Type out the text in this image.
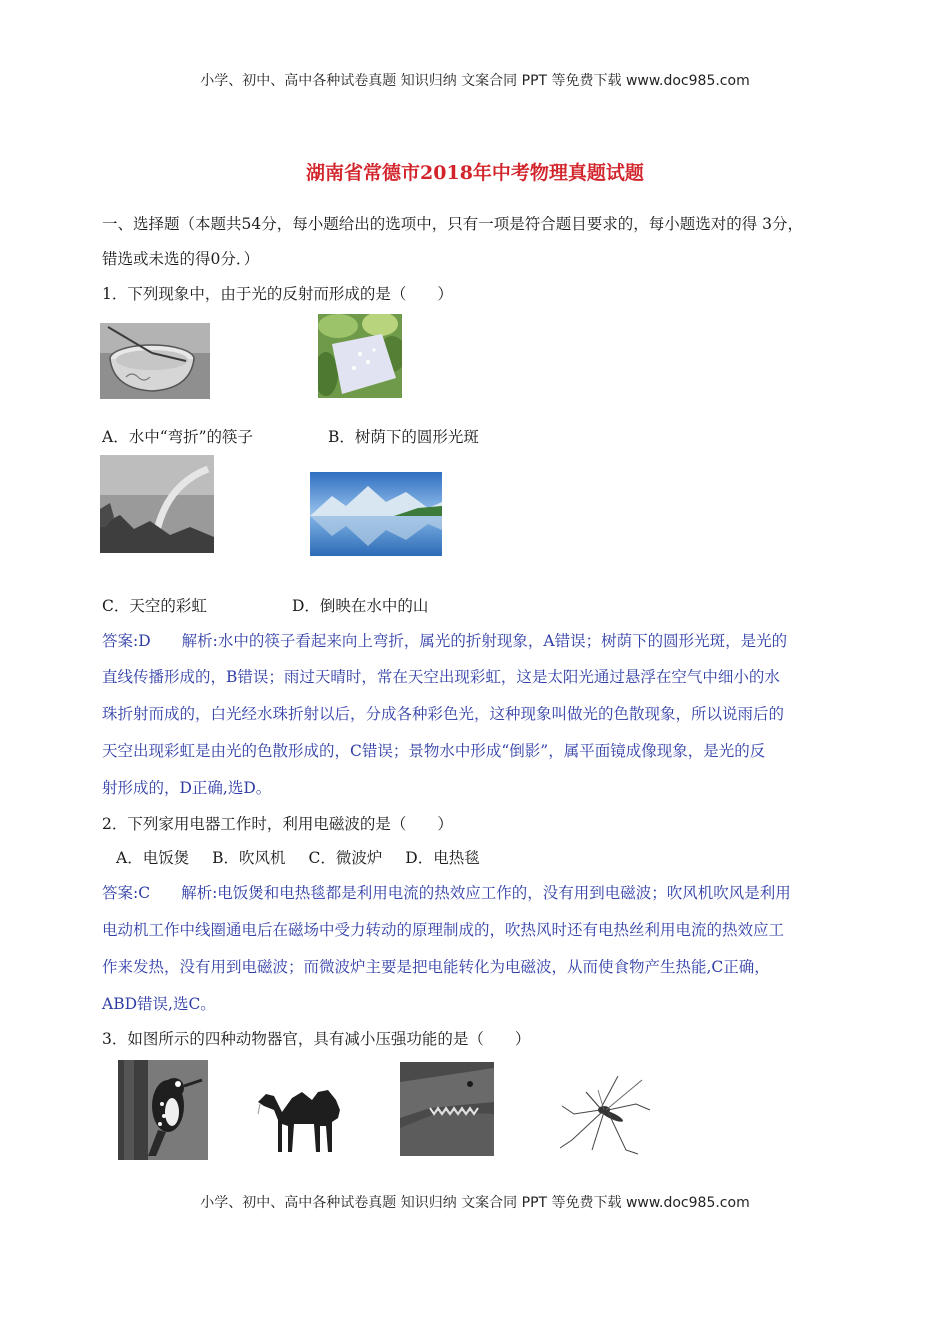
小学、初中、高中各种试卷真题 知识归纳 文案合同 PPT 等免费下载 www.doc985.com
湖南省常德市2018年中考物理真题试题
一、选择题（本题共54分，每小题给出的选项中，只有一项是符合题目要求的，每小题选对的得 3分，
错选或未选的得0分．）
1．下列现象中，由于光的反射而形成的是（　　）
A．水中“弯折”的筷子	B．树荫下的圆形光斑
C．天空的彩虹	D．倒映在水中的山
答案:D　　解析:水中的筷子看起来向上弯折，属光的折射现象，A错误；树荫下的圆形光斑，是光的
直线传播形成的，B错误；雨过天晴时，常在天空出现彩虹，这是太阳光通过悬浮在空气中细小的水
珠折射而成的，白光经水珠折射以后，分成各种彩色光，这种现象叫做光的色散现象，所以说雨后的
天空出现彩虹是由光的色散形成的，C错误；景物水中形成“倒影”，属平面镜成像现象，是光的反
射形成的，D正确,选D。
2．下列家用电器工作时，利用电磁波的是（　　）
A．电饭煲 B．吹风机 C．微波炉 D．电热毯
答案:C　　解析:电饭煲和电热毯都是利用电流的热效应工作的，没有用到电磁波；吹风机吹风是利用
电动机工作中线圈通电后在磁场中受力转动的原理制成的，吹热风时还有电热丝利用电流的热效应工
作来发热，没有用到电磁波；而微波炉主要是把电能转化为电磁波，从而使食物产生热能,C正确，
ABD错误,选C。
3．如图所示的四种动物器官，具有减小压强功能的是（　　）
小学、初中、高中各种试卷真题 知识归纳 文案合同 PPT 等免费下载 www.doc985.com
